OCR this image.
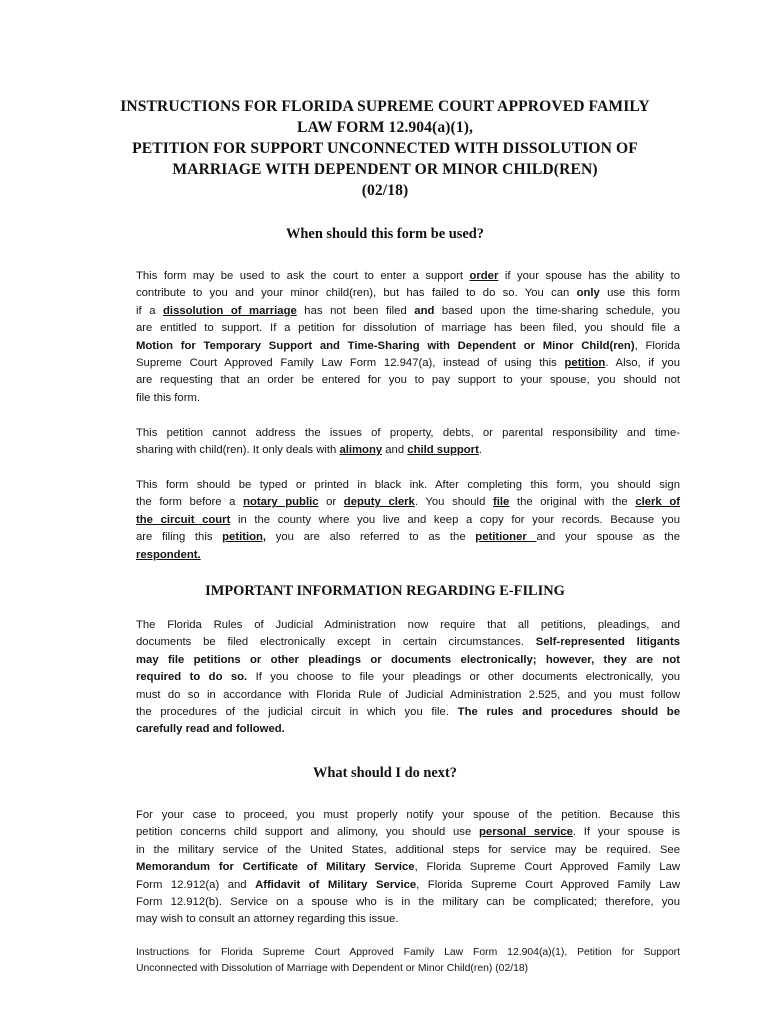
INSTRUCTIONS FOR FLORIDA SUPREME COURT APPROVED FAMILY
LAW FORM 12.904(a)(1),
PETITION FOR SUPPORT UNCONNECTED WITH DISSOLUTION OF
MARRIAGE WITH DEPENDENT OR MINOR CHILD(REN)
(02/18)
When should this form be used?
This form may be used to ask the court to enter a support order if your spouse has the ability to
contribute to you and your minor child(ren), but has failed to do so. You can only use this form
if a dissolution of marriage has not been filed and based upon the time-sharing schedule, you
are entitled to support. If a petition for dissolution of marriage has been filed, you should file a
Motion for Temporary Support and Time-Sharing with Dependent or Minor Child(ren), Florida
Supreme Court Approved Family Law Form 12.947(a), instead of using this petition. Also, if you
are requesting that an order be entered for you to pay support to your spouse, you should not
file this form.
This petition cannot address the issues of property, debts, or parental responsibility and time-
sharing with child(ren). It only deals with alimony and child support.
This form should be typed or printed in black ink. After completing this form, you should sign
the form before a notary public or deputy clerk. You should file the original with the clerk of
the circuit court in the county where you live and keep a copy for your records. Because you
are filing this petition, you are also referred to as the petitioner and your spouse as the
respondent.
IMPORTANT INFORMATION REGARDING E-FILING
The Florida Rules of Judicial Administration now require that all petitions, pleadings, and
documents be filed electronically except in certain circumstances. Self-represented litigants
may file petitions or other pleadings or documents electronically; however, they are not
required to do so. If you choose to file your pleadings or other documents electronically, you
must do so in accordance with Florida Rule of Judicial Administration 2.525, and you must follow
the procedures of the judicial circuit in which you file. The rules and procedures should be
carefully read and followed.
What should I do next?
For your case to proceed, you must properly notify your spouse of the petition. Because this
petition concerns child support and alimony, you should use personal service. If your spouse is
in the military service of the United States, additional steps for service may be required. See
Memorandum for Certificate of Military Service, Florida Supreme Court Approved Family Law
Form 12.912(a) and Affidavit of Military Service, Florida Supreme Court Approved Family Law
Form 12.912(b). Service on a spouse who is in the military can be complicated; therefore, you
may wish to consult an attorney regarding this issue.
Instructions for Florida Supreme Court Approved Family Law Form 12.904(a)(1), Petition for Support
Unconnected with Dissolution of Marriage with Dependent or Minor Child(ren) (02/18)
